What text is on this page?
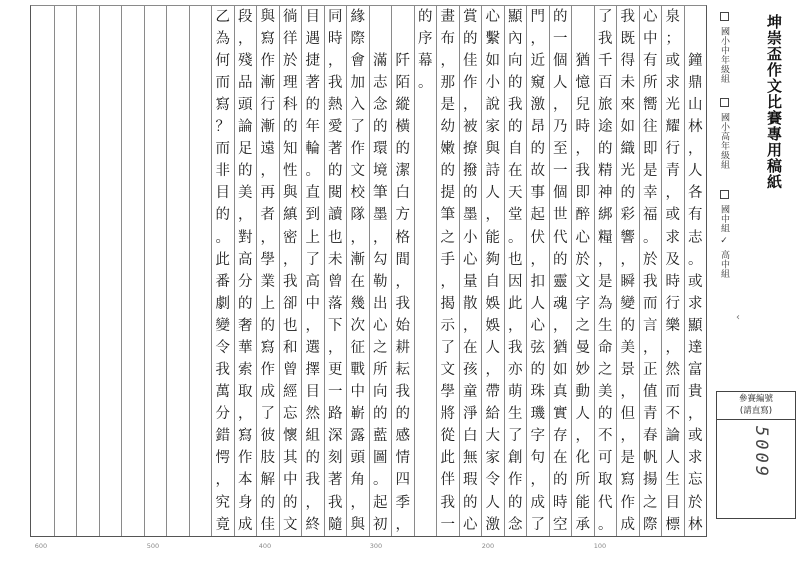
鐘
鼎
山
林
，
人
各
有
志
。
或
求
顯
達
富
貴
，
或
求
忘
於
林
泉
；
或
求
光
耀
行
青
，
或
求
及
時
行
樂
，
然
而
不
論
人
生
目
標
心
中
有
所
嚮
往
即
是
幸
福
。
於
我
而
言
，
正
值
青
春
帆
揚
之
際
我
既
得
未
來
如
織
光
的
彩
響
，
瞬
變
的
美
景
，
但
，
是
寫
作
成
了
我
千
百
旅
途
的
精
神
綁
糧
，
是
為
生
命
之
美
的
不
可
取
代
。
猶
憶
兒
時
，
我
即
醉
心
於
文
字
之
曼
妙
動
人
，
化
所
能
承
的
一
個
人
，
乃
至
一
個
世
代
的
靈
魂
，
猶
如
真
實
存
在
的
時
空
門
，
近
窺
激
昂
的
故
事
起
伏
，
扣
人
心
弦
的
珠
璣
字
句
，
成
了
顯
內
向
的
我
的
自
在
天
堂
。
也
因
此
，
我
亦
萌
生
了
創
作
的
念
心
繫
如
小
說
家
與
詩
人
，
能
夠
自
娛
娛
人
，
帶
給
大
家
令
人
激
賞
的
佳
作
，
被
撩
撥
的
墨
小
心
量
散
，
在
孩
童
淨
白
無
瑕
的
心
畫
布
，
那
是
幼
嫩
的
提
筆
之
手
，
揭
示
了
文
學
將
從
此
伴
我
一
的
序
幕
。
阡
陌
縱
橫
的
潔
白
方
格
間
，
我
始
耕
耘
我
的
感
情
四
季
，
滿
志
念
的
環
境
筆
墨
，
勾
勒
出
心
之
所
向
的
藍
圖
。
起
初
緣
際
會
加
入
了
作
文
校
隊
，
漸
在
幾
次
征
戰
中
嶄
露
頭
角
，
與
同
時
，
我
熱
愛
著
的
閱
讀
也
未
曾
落
下
，
更
一
路
深
刻
著
我
隨
目
遇
捷
著
的
年
輪
。
直
到
上
了
高
中
，
選
擇
目
然
組
的
我
，
終
徜
徉
於
理
科
的
知
性
與
縝
密
，
我
卻
也
和
曾
經
忘
懷
其
中
的
文
與
寫
作
漸
行
漸
遠
，
再
者
，
學
業
上
的
寫
作
成
了
彼
肢
解
的
佳
段
，
殘
品
頭
論
足
的
美
，
對
高
分
的
奢
華
索
取
，
寫
作
本
身
成
乙
為
何
而
寫
？
而
非
目
的
。
此
番
劇
變
令
我
萬
分
錯
愕
，
究
竟
600	500	400	300	200	100
坤崇盃作文比賽專用稿紙
國小中年級組
國小高年級組
國中組
✓ 高中組
‹
參賽編號
(請直寫)
5009
